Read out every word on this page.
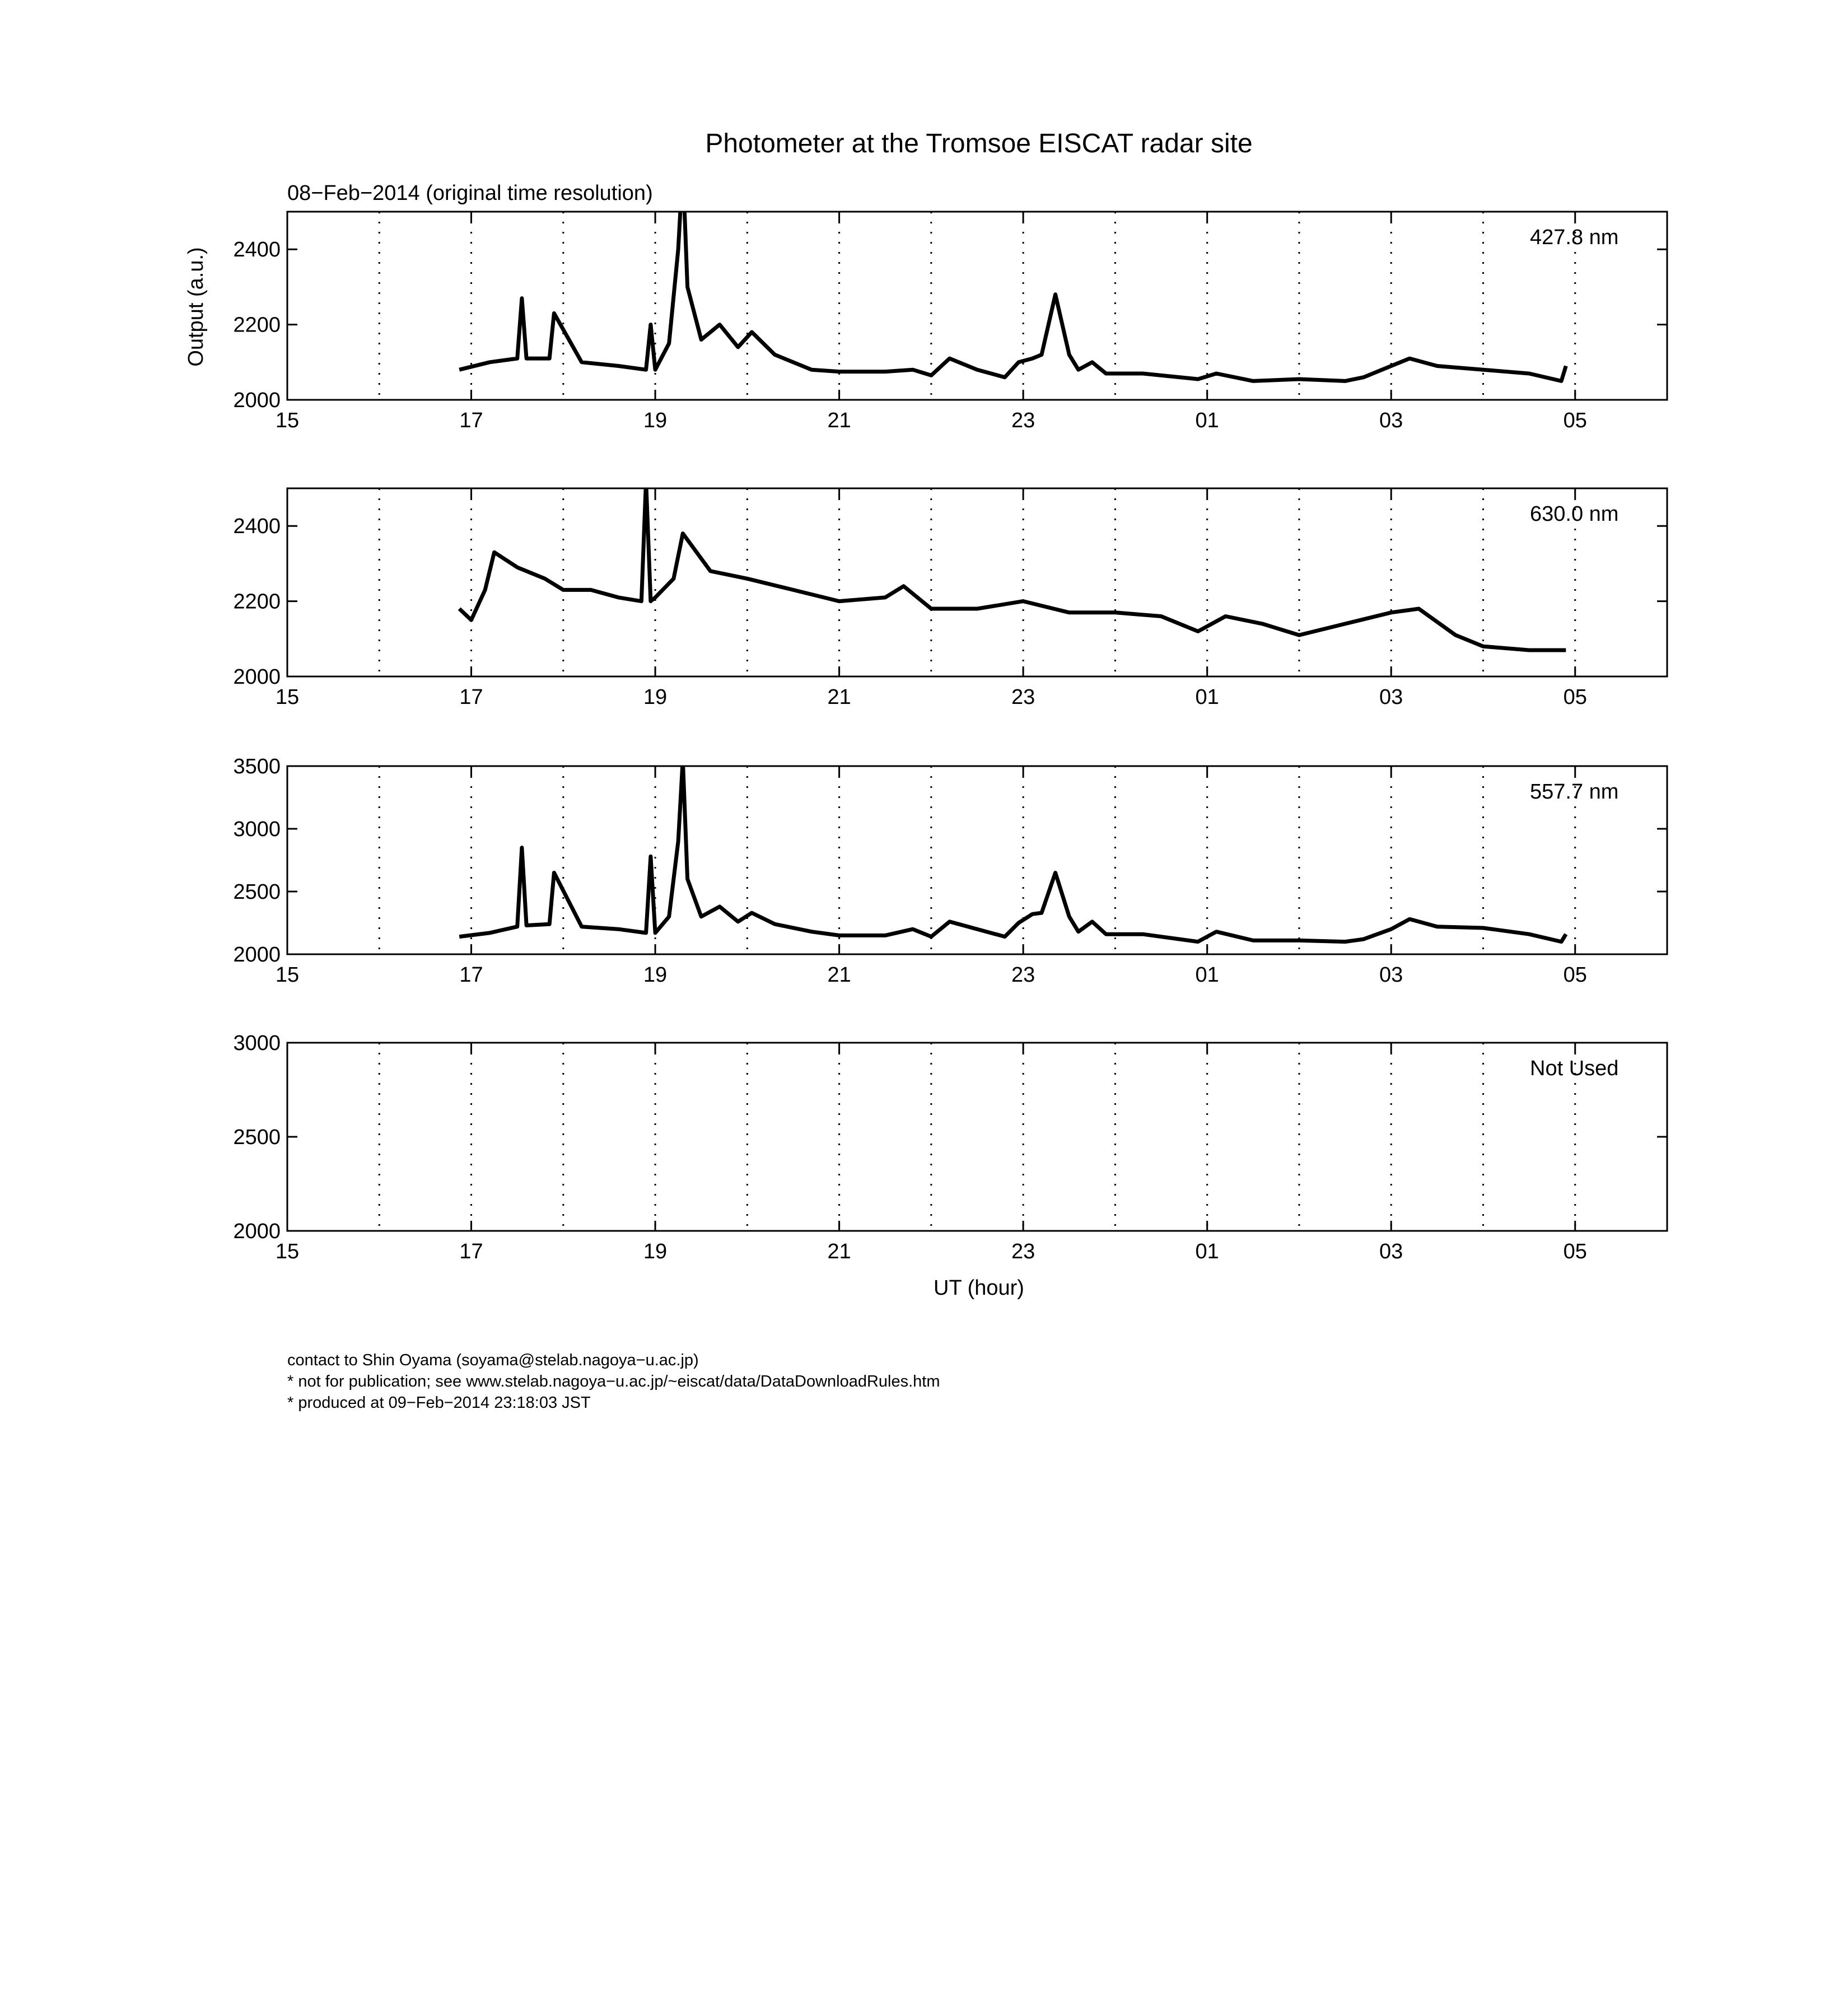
Photometer at the Tromsoe EISCAT radar site
08−Feb−2014 (original time resolution)
Output (a.u.)
UT (hour)
15	17	19	21	23	01	03	05
2000
2200
2400
427.8 nm
15	17	19	21	23	01	03	05
2000
2200
2400
630.0 nm
15	17	19	21	23	01	03	05
2000
2500
3000
3500
557.7 nm
15	17	19	21	23	01	03	05
2000
2500
3000
Not Used
contact to Shin Oyama (soyama@stelab.nagoya−u.ac.jp)
* not for publication; see www.stelab.nagoya−u.ac.jp/~eiscat/data/DataDownloadRules.htm
* produced at 09−Feb−2014 23:18:03 JST
